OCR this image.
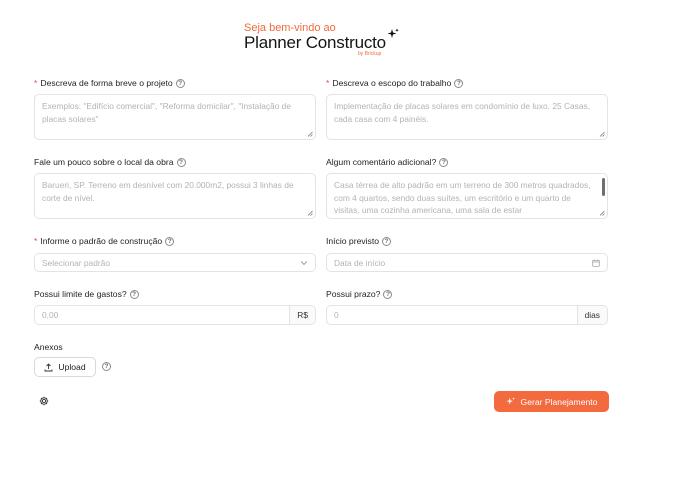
Seja bem-vindo ao
Planner Constructo
by Brickup
* Descreva de forma breve o projeto ?
Exemplos: "Edifício comercial", "Reforma domicilar", "Instalação de placas solares"
* Descreva o escopo do trabalho ?
Implementação de placas solares em condomínio de luxo. 25 Casas, cada casa com 4 painéis.
Fale um pouco sobre o local da obra ?
Barueri, SP. Terreno em desnível com 20.000m2, possui 3 linhas de corte de nível.
Algum comentário adicional? ?
Casa térrea de alto padrão em um terreno de 300 metros quadrados, com 4 quartos, sendo duas suítes, um escritório e um quarto de visitas, uma cozinha americana, uma sala de estar
* Informe o padrão de construção ?
Selecionar padrão
Início previsto ?
Data de início
Possui limite de gastos? ?
0,00	R$
Possui prazo? ?
0	dias
Anexos
Upload	?
Gerar Planejamento
